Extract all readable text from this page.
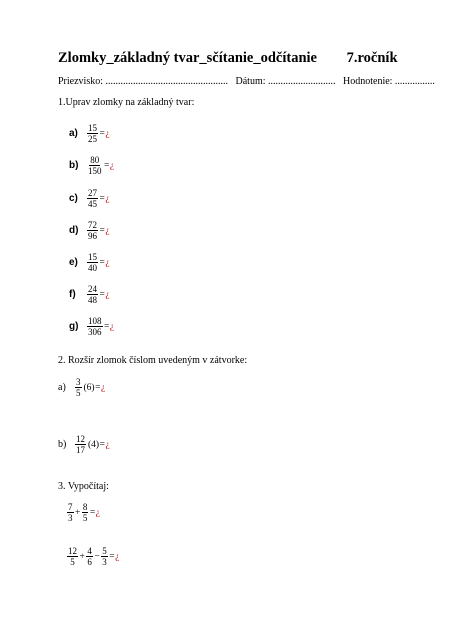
Zlomky_základný tvar_sčítanie_odčítanie 7.ročník
Priezvisko: ................................................. Dátum: ........................... Hodnotenie: ................
1.Uprav zlomky na základný tvar:
a)	$\frac{15}{25}$ = ¿
$b) \frac{80}{150}$ = ¿
c)	$\frac{27}{45}$ = ¿
$d) \frac{72}{96}$ = ¿
e)	$\frac{15}{40}$ = ¿
f)	$\frac{24}{48}$ = ¿
$g) \frac{108}{306}$ = ¿
2. Rozšír zlomok číslom uvedeným v zátvorke:
a)	$\frac{3}{5} (6)$ = ¿
$b) \frac{12}{17} (4)$ = ¿
3. Vypočítaj:
$\frac{7}{3} + \frac{8}{5}$ = ¿
$\frac{12}{5} + \frac{4}{6} - \frac{5}{3}$ = ¿
